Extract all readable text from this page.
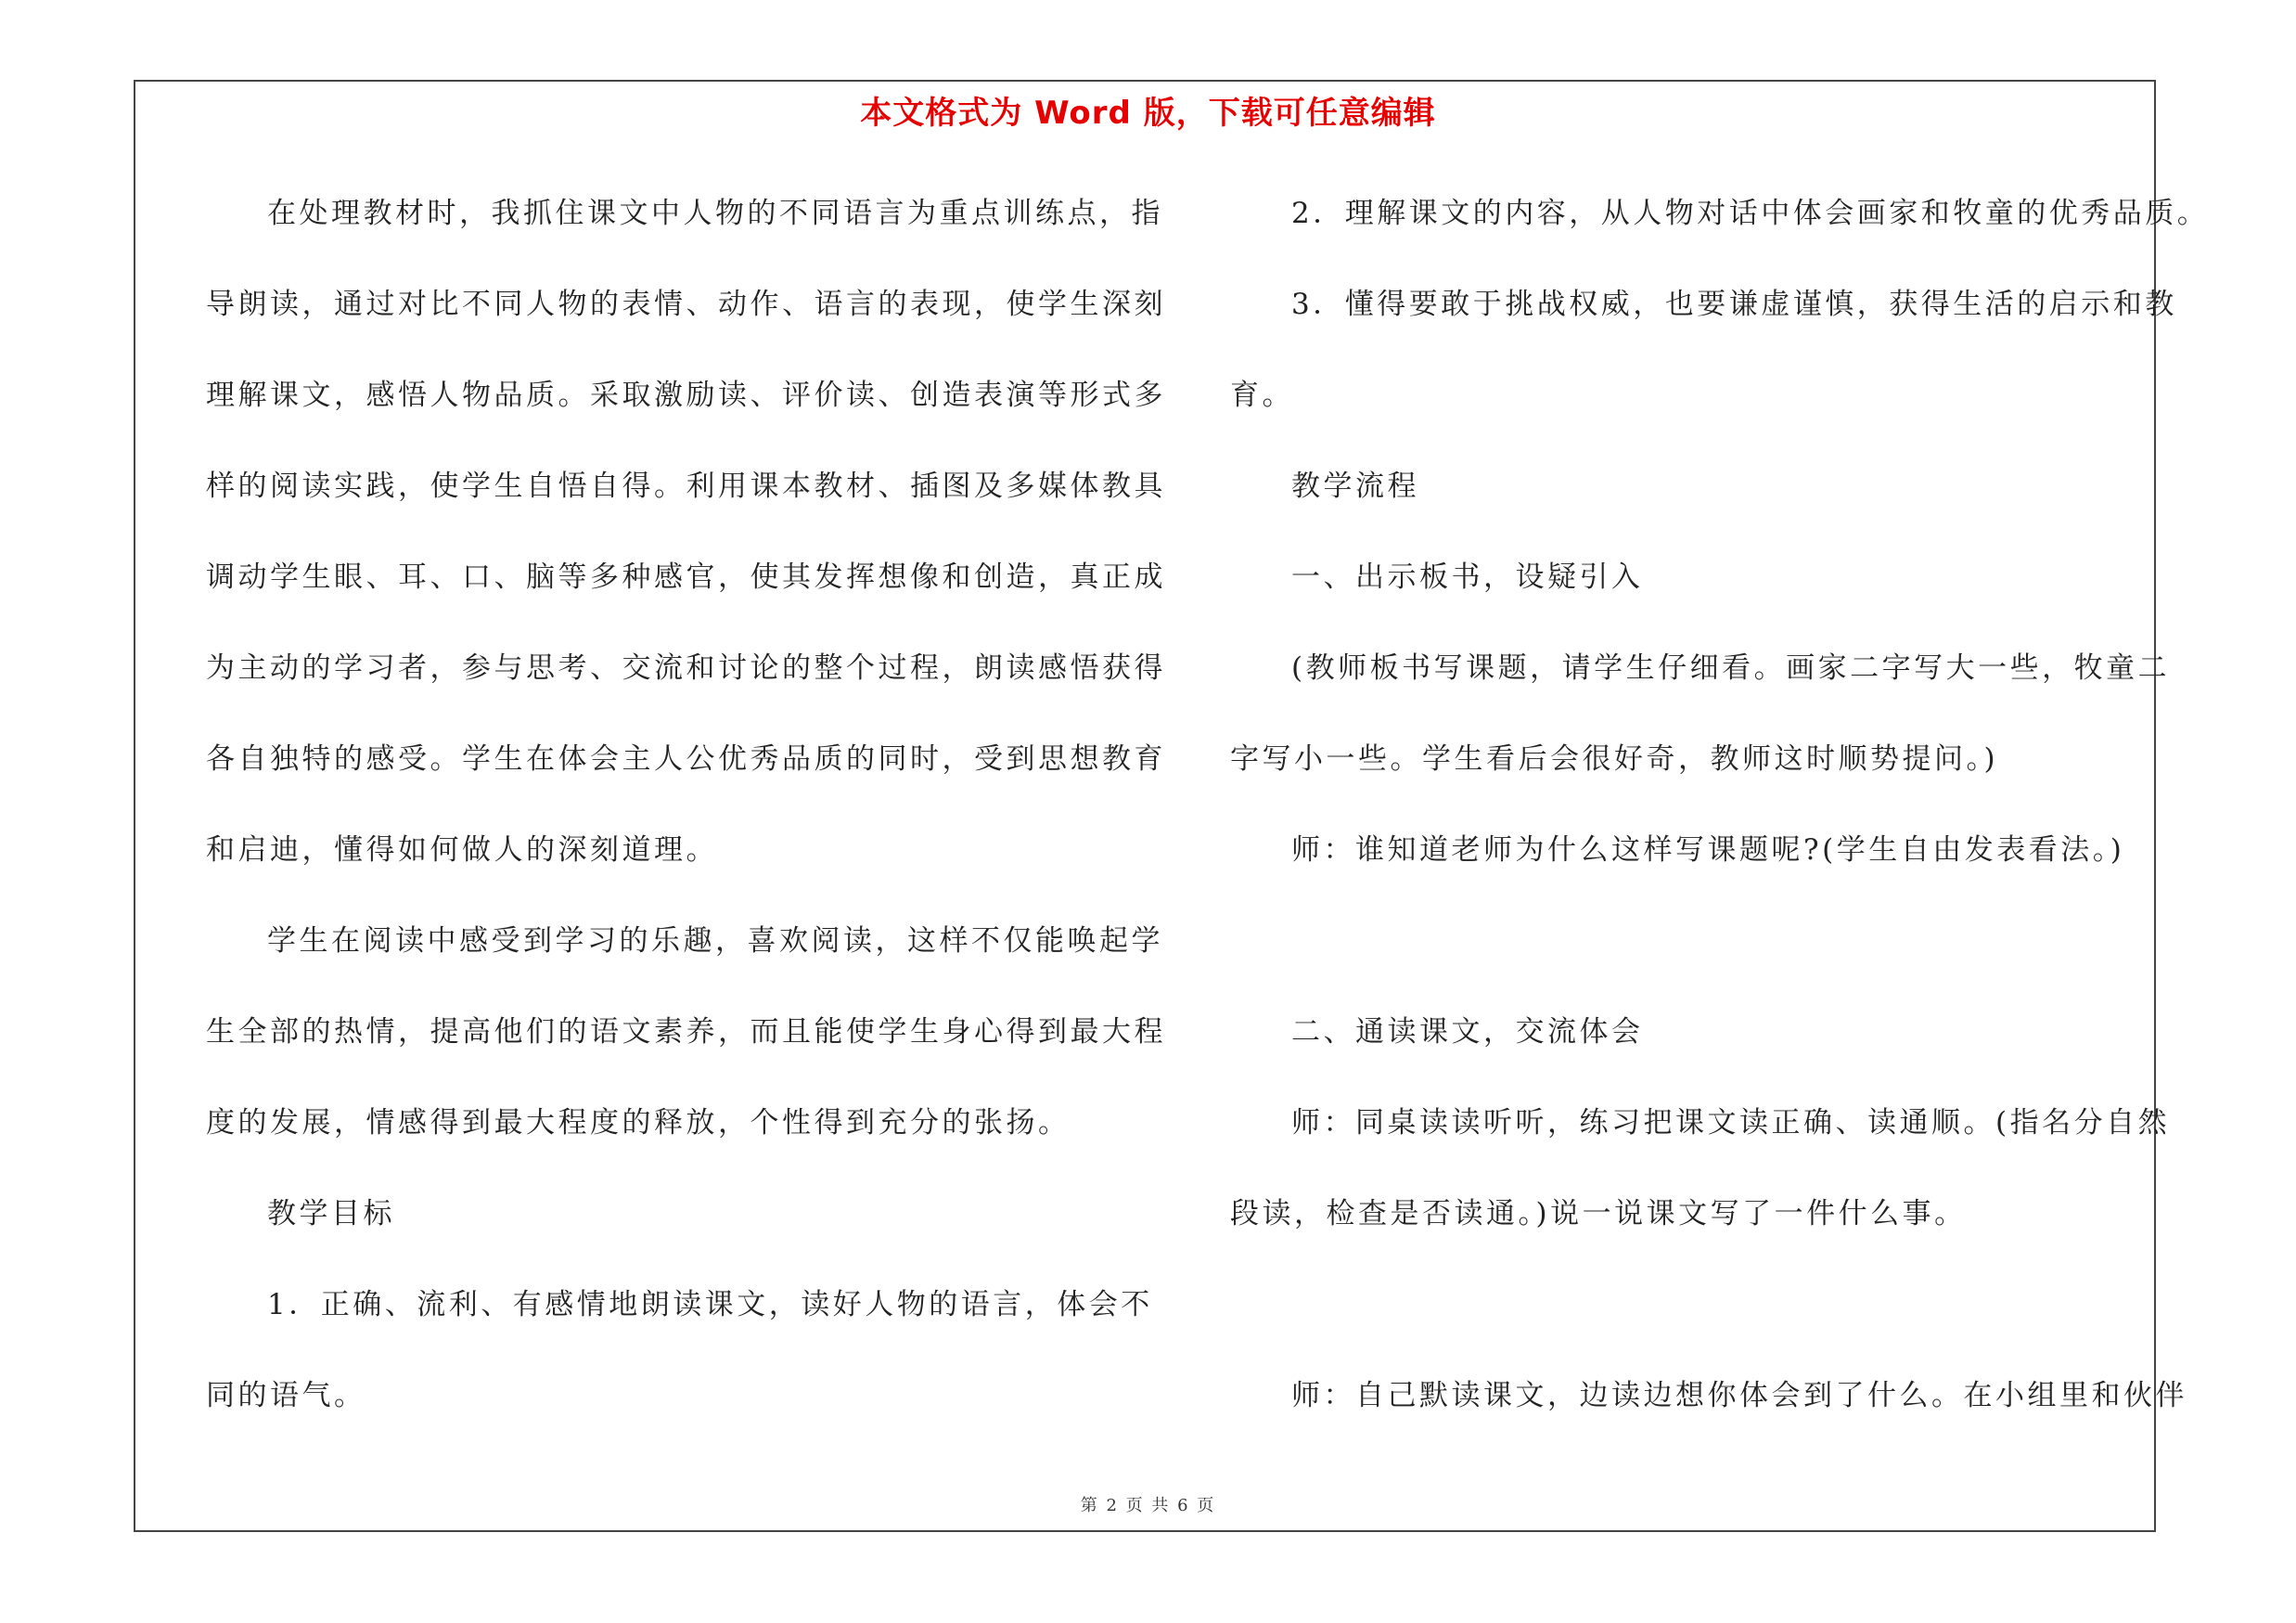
本文格式为 Word 版，下载可任意编辑
在处理教材时，我抓住课文中人物的不同语言为重点训练点，指
导朗读，通过对比不同人物的表情、动作、语言的表现，使学生深刻
理解课文，感悟人物品质。采取激励读、评价读、创造表演等形式多
样的阅读实践，使学生自悟自得。利用课本教材、插图及多媒体教具
调动学生眼、耳、口、脑等多种感官，使其发挥想像和创造，真正成
为主动的学习者，参与思考、交流和讨论的整个过程，朗读感悟获得
各自独特的感受。学生在体会主人公优秀品质的同时，受到思想教育
和启迪，懂得如何做人的深刻道理。
学生在阅读中感受到学习的乐趣，喜欢阅读，这样不仅能唤起学
生全部的热情，提高他们的语文素养，而且能使学生身心得到最大程
度的发展，情感得到最大程度的释放，个性得到充分的张扬。
教学目标
1．正确、流利、有感情地朗读课文，读好人物的语言，体会不
同的语气。
2．理解课文的内容，从人物对话中体会画家和牧童的优秀品质。
3．懂得要敢于挑战权威，也要谦虚谨慎，获得生活的启示和教
育。
教学流程
一、出示板书，设疑引入
(教师板书写课题，请学生仔细看。画家二字写大一些，牧童二
字写小一些。学生看后会很好奇，教师这时顺势提问。)
师：谁知道老师为什么这样写课题呢?(学生自由发表看法。)
二、通读课文，交流体会
师：同桌读读听听，练习把课文读正确、读通顺。(指名分自然
段读，检查是否读通。)说一说课文写了一件什么事。
师：自己默读课文，边读边想你体会到了什么。在小组里和伙伴
第 2 页 共 6 页
